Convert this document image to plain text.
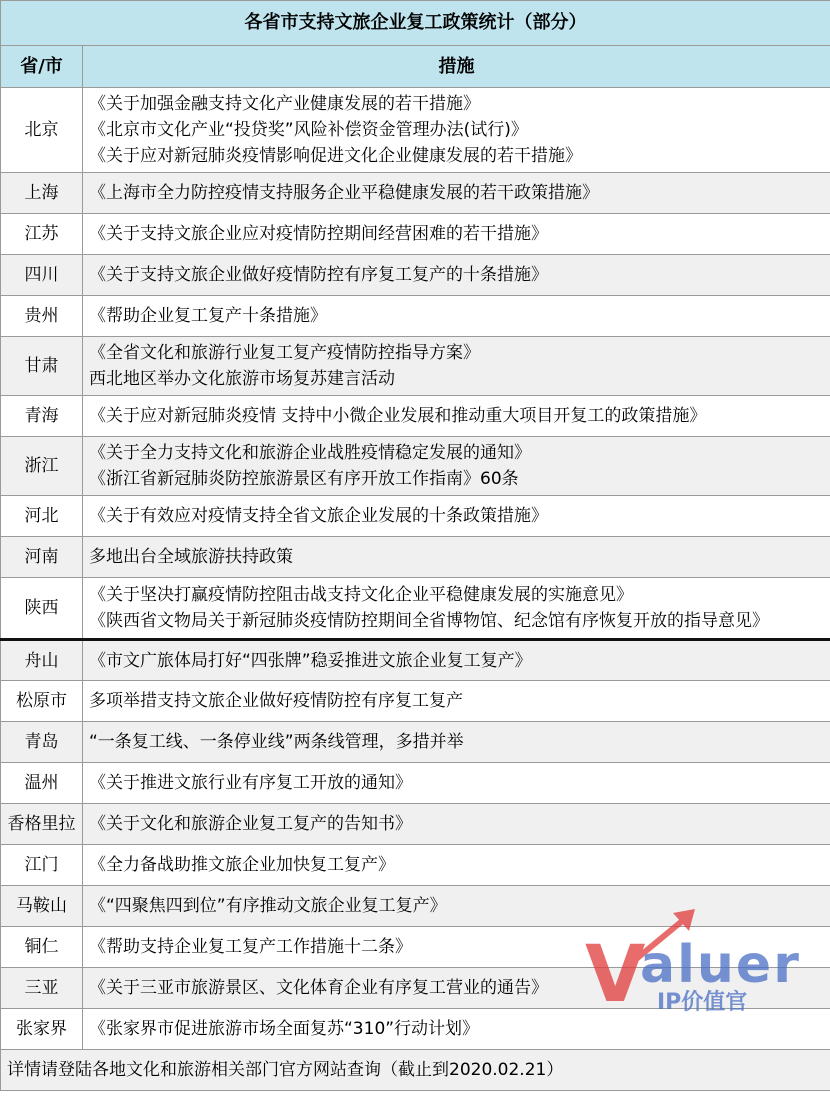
各省市支持文旅企业复工政策统计（部分）	
省/市	措施
北京	《关于加强金融支持文化产业健康发展的若干措施》
《北京市文化产业“投贷奖”风险补偿资金管理办法(试行)》
《关于应对新冠肺炎疫情影响促进文化企业健康发展的若干措施》

上海	《上海市全力防控疫情支持服务企业平稳健康发展的若干政策措施》

江苏	《关于支持文旅企业应对疫情防控期间经营困难的若干措施》

四川	《关于支持文旅企业做好疫情防控有序复工复产的十条措施》

贵州	《帮助企业复工复产十条措施》

甘肃	《全省文化和旅游行业复工复产疫情防控指导方案》
西北地区举办文化旅游市场复苏建言活动

青海	《关于应对新冠肺炎疫情 支持中小微企业发展和推动重大项目开复工的政策措施》

浙江	《关于全力支持文化和旅游企业战胜疫情稳定发展的通知》
《浙江省新冠肺炎防控旅游景区有序开放工作指南》60条

河北	《关于有效应对疫情支持全省文旅企业发展的十条政策措施》

河南	多地出台全域旅游扶持政策

陕西	《关于坚决打赢疫情防控阻击战支持文化企业平稳健康发展的实施意见》
《陕西省文物局关于新冠肺炎疫情防控期间全省博物馆、纪念馆有序恢复开放的指导意见》

舟山	《市文广旅体局打好“四张牌”稳妥推进文旅企业复工复产》

松原市	多项举措支持文旅企业做好疫情防控有序复工复产

青岛	“一条复工线、一条停业线”两条线管理，多措并举

温州	《关于推进文旅行业有序复工开放的通知》

香格里拉	《关于文化和旅游企业复工复产的告知书》

江门	《全力备战助推文旅企业加快复工复产》

马鞍山	《“四聚焦四到位”有序推动文旅企业复工复产》

铜仁	《帮助支持企业复工复产工作措施十二条》

三亚	《关于三亚市旅游景区、文化体育企业有序复工营业的通告》

张家界	《张家界市促进旅游市场全面复苏“310”行动计划》

详情请登陆各地文化和旅游相关部门官方网站查询（截止到2020.02.21）	
V
aluer
IP价值官
